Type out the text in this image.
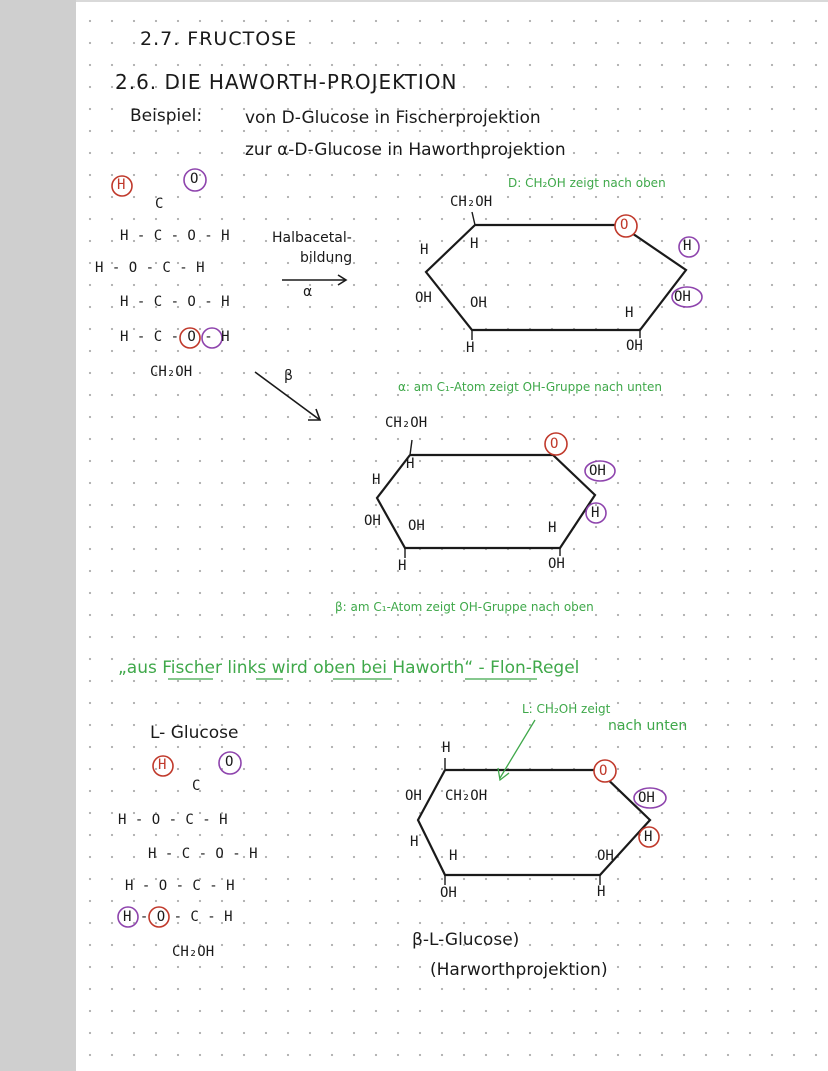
2.7. FRUCTOSE
2.6. DIE HAWORTH-PROJEKTION
Beispiel:	von D-Glucose in Fischerprojektion
zur α-D-Glucose in Haworthprojektion
H	O
C
H - C - O - H
H - O - C - H
H - C - O - H
H - C - O - H
CH₂OH
Halbacetal-
bildung
α
β
D: CH₂OH zeigt nach oben
CH₂OH
O
H	H	H
OH	OH	OH
H
H	OH
α: am C₁-Atom zeigt OH-Gruppe nach unten
CH₂OH
O
H
H
OH
H
OH OH	H
H	OH
β: am C₁-Atom zeigt OH-Gruppe nach oben
„aus Fischer links wird oben bei Haworth“ - Flon-Regel
L- Glucose
H	O
C
H - O - C - H
H - C - O - H
H - O - C - H
H - O - C - H
CH₂OH
L: CH₂OH zeigt
nach unten
H
O
OH CH₂OH	OH
H
H
H	OH
OH	H
β-L-Glucose)
(Harworthprojektion)
